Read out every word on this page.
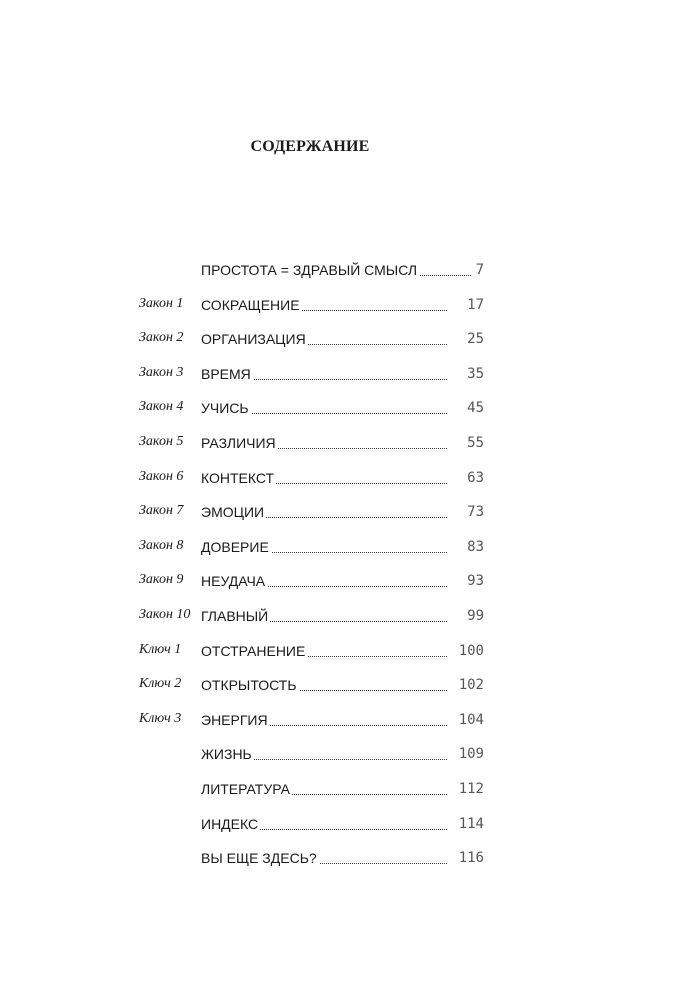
СОДЕРЖАНИЕ
ПРОСТОТА = ЗДРАВЫЙ СМЫСЛ	7
Закон 1 СОКРАЩЕНИЕ	17
Закон 2 ОРГАНИЗАЦИЯ	25
Закон 3 ВРЕМЯ	35
Закон 4 УЧИСЬ	45
Закон 5 РАЗЛИЧИЯ	55
Закон 6 КОНТЕКСТ	63
Закон 7 ЭМОЦИИ	73
Закон 8 ДОВЕРИЕ	83
Закон 9 НЕУДАЧА	93
Закон 10 ГЛАВНЫЙ	99
Ключ 1 ОТСТРАНЕНИЕ	100
Ключ 2 ОТКРЫТОСТЬ	102
Ключ 3 ЭНЕРГИЯ	104
ЖИЗНЬ	109
ЛИТЕРАТУРА	112
ИНДЕКС	114
ВЫ ЕЩЕ ЗДЕСЬ?	116
